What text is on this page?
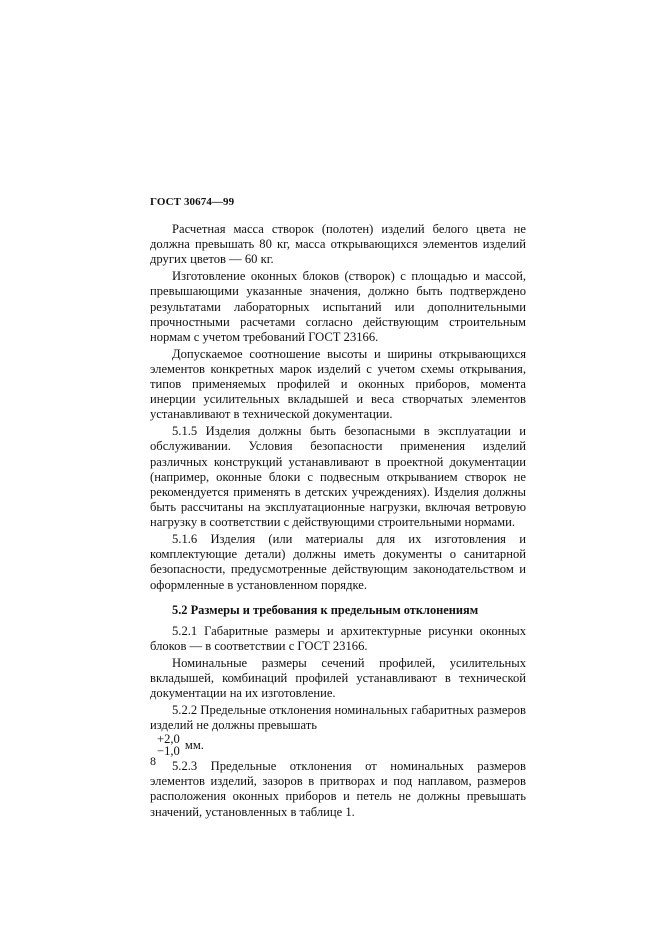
ГОСТ 30674—99

Расчетная масса створок (полотен) изделий белого цвета не должна превышать 80 кг, масса открывающихся элементов изделий других цветов — 60 кг.

Изготовление оконных блоков (створок) с площадью и массой, превышающими указанные значения, должно быть подтверждено результатами лабораторных испытаний или дополнительными прочностными расчетами согласно действующим строительным нормам с учетом требований ГОСТ 23166.

Допускаемое соотношение высоты и ширины открывающихся элементов конкретных марок изделий с учетом схемы открывания, типов применяемых профилей и оконных приборов, момента инерции усилительных вкладышей и веса створчатых элементов устанавливают в технической документации.

5.1.5 Изделия должны быть безопасными в эксплуатации и обслуживании. Условия безопасности применения изделий различных конструкций устанавливают в проектной документации (например, оконные блоки с подвесным открыванием створок не рекомендуется применять в детских учреждениях). Изделия должны быть рассчитаны на эксплуатационные нагрузки, включая ветровую нагрузку в соответствии с действующими строительными нормами.

5.1.6 Изделия (или материалы для их изготовления и комплектующие детали) должны иметь документы о санитарной безопасности, предусмотренные действующим законодательством и оформленные в установленном порядке.

5.2 Размеры и требования к предельным отклонениям

5.2.1 Габаритные размеры и архитектурные рисунки оконных блоков — в соответствии с ГОСТ 23166.

Номинальные размеры сечений профилей, усилительных вкладышей, комбинаций профилей устанавливают в технической документации на их изготовление.

5.2.2 Предельные отклонения номинальных габаритных размеров изделий не должны превышать

+2,0
−1,0 мм.

5.2.3 Предельные отклонения от номинальных размеров элементов изделий, зазоров в притворах и под наплавом, размеров расположения оконных приборов и петель не должны превышать значений, установленных в таблице 1.

8
